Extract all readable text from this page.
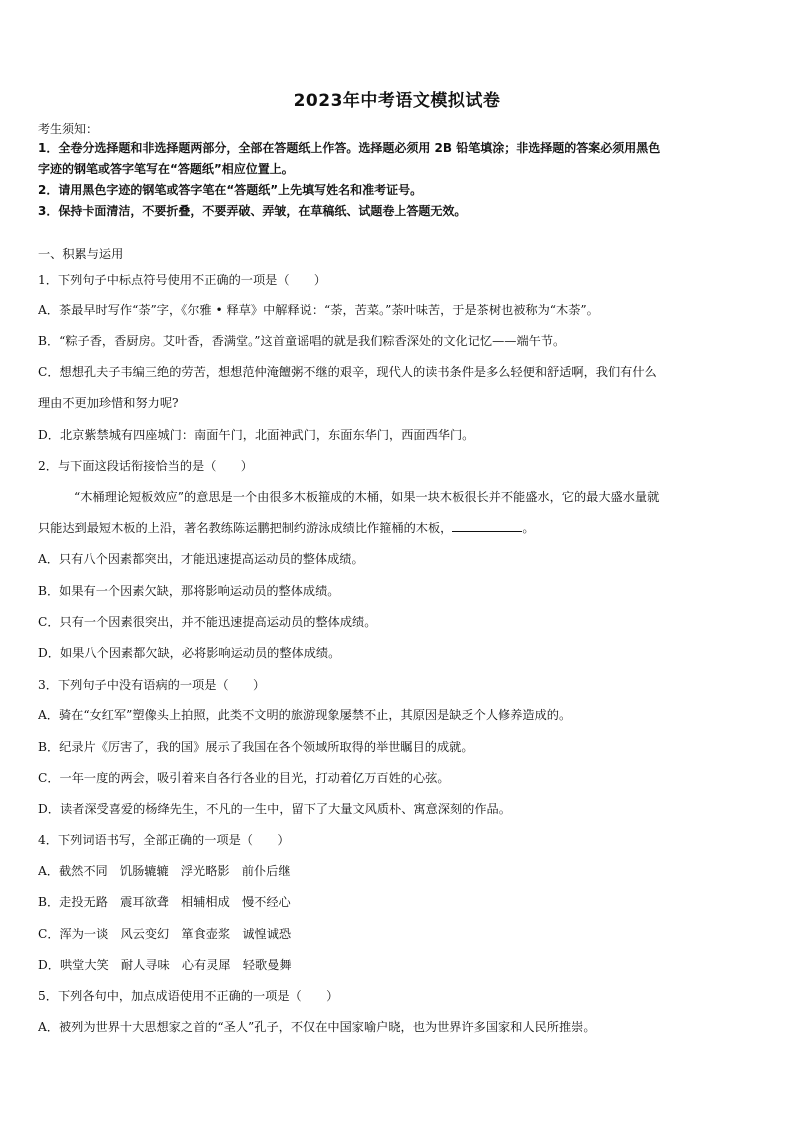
2023年中考语文模拟试卷
考生须知：
1．全卷分选择题和非选择题两部分，全部在答题纸上作答。选择题必须用 2B 铅笔填涂；非选择题的答案必须用黑色
字迹的钢笔或答字笔写在“答题纸”相应位置上。
2．请用黑色字迹的钢笔或答字笔在“答题纸”上先填写姓名和准考证号。
3．保持卡面清洁，不要折叠，不要弄破、弄皱，在草稿纸、试题卷上答题无效。
一、积累与运用
1．下列句子中标点符号使用不正确的一项是（　　）
A．茶最早时写作“荼”字，《尔雅 • 释草》中解释说：“荼，苦菜。”荼叶味苦，于是茶树也被称为“木荼”。
B．“粽子香，香厨房。艾叶香，香满堂。”这首童谣唱的就是我们粽香深处的文化记忆——端午节。
C．想想孔夫子韦编三绝的劳苦，想想范仲淹饘粥不继的艰辛，现代人的读书条件是多么轻便和舒适啊，我们有什么
理由不更加珍惜和努力呢?
D．北京紫禁城有四座城门：南面午门，北面神武门，东面东华门，西面西华门。
2．与下面这段话衔接恰当的是（　　）
“木桶理论短板效应”的意思是一个由很多木板箍成的木桶，如果一块木板很长并不能盛水，它的最大盛水量就
只能达到最短木板的上沿，著名教练陈运鹏把制约游泳成绩比作箍桶的木板，	。
A．只有八个因素都突出，才能迅速提高运动员的整体成绩。
B．如果有一个因素欠缺，那将影响运动员的整体成绩。
C．只有一个因素很突出，并不能迅速提高运动员的整体成绩。
D．如果八个因素都欠缺，必将影响运动员的整体成绩。
3．下列句子中没有语病的一项是（　　）
A．骑在“女红军”塑像头上拍照，此类不文明的旅游现象屡禁不止，其原因是缺乏个人修养造成的。
B．纪录片《厉害了，我的国》展示了我国在各个领域所取得的举世瞩目的成就。
C．一年一度的两会，吸引着来自各行各业的目光，打动着亿万百姓的心弦。
D．读者深受喜爱的杨绛先生，不凡的一生中，留下了大量文风质朴、寓意深刻的作品。
4．下列词语书写，全部正确的一项是（　　）
A．截然不同　饥肠辘辘　浮光略影　前仆后继
B．走投无路　震耳欲聋　相辅相成　慢不经心
C．浑为一谈　风云变幻　箪食壶浆　诚惶诚恐
D．哄堂大笑　耐人寻味　心有灵犀　轻歌曼舞
5．下列各句中，加点成语使用不正确的一项是（　　）
A．被列为世界十大思想家之首的“圣人”孔子，不仅在中国家喻户晓，也为世界许多国家和人民所推崇。
